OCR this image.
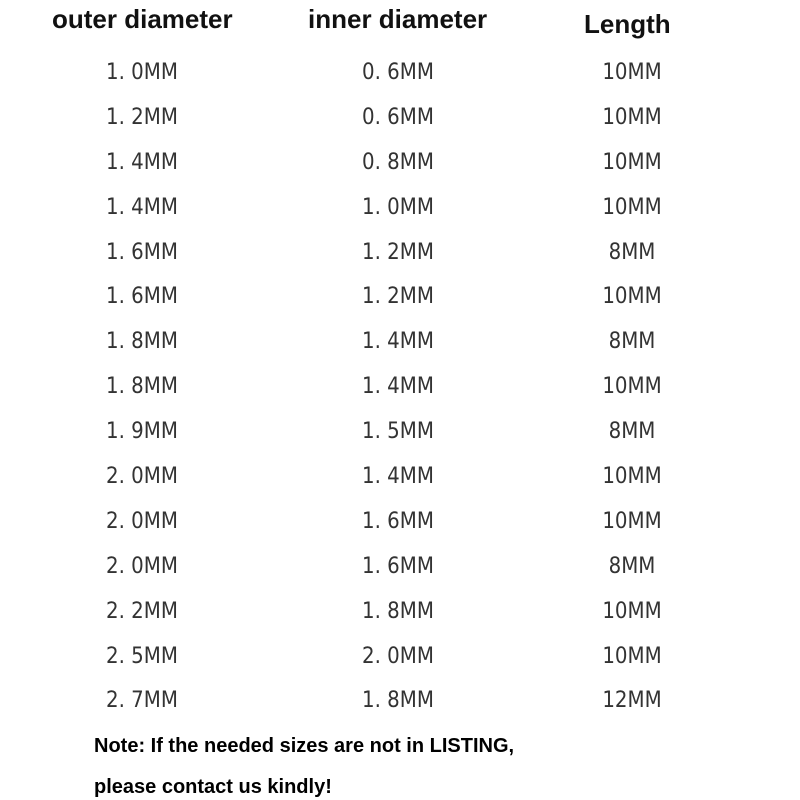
outer diameter	inner diameter	Length
1. 0MM	0. 6MM	10MM
1. 2MM	0. 6MM	10MM
1. 4MM	0. 8MM	10MM
1. 4MM	1. 0MM	10MM
1. 6MM	1. 2MM	8MM
1. 6MM	1. 2MM	10MM
1. 8MM	1. 4MM	8MM
1. 8MM	1. 4MM	10MM
1. 9MM	1. 5MM	8MM
2. 0MM	1. 4MM	10MM
2. 0MM	1. 6MM	10MM
2. 0MM	1. 6MM	8MM
2. 2MM	1. 8MM	10MM
2. 5MM	2. 0MM	10MM
2. 7MM	1. 8MM	12MM
Note: If the needed sizes are not in LISTING,
please contact us kindly!
